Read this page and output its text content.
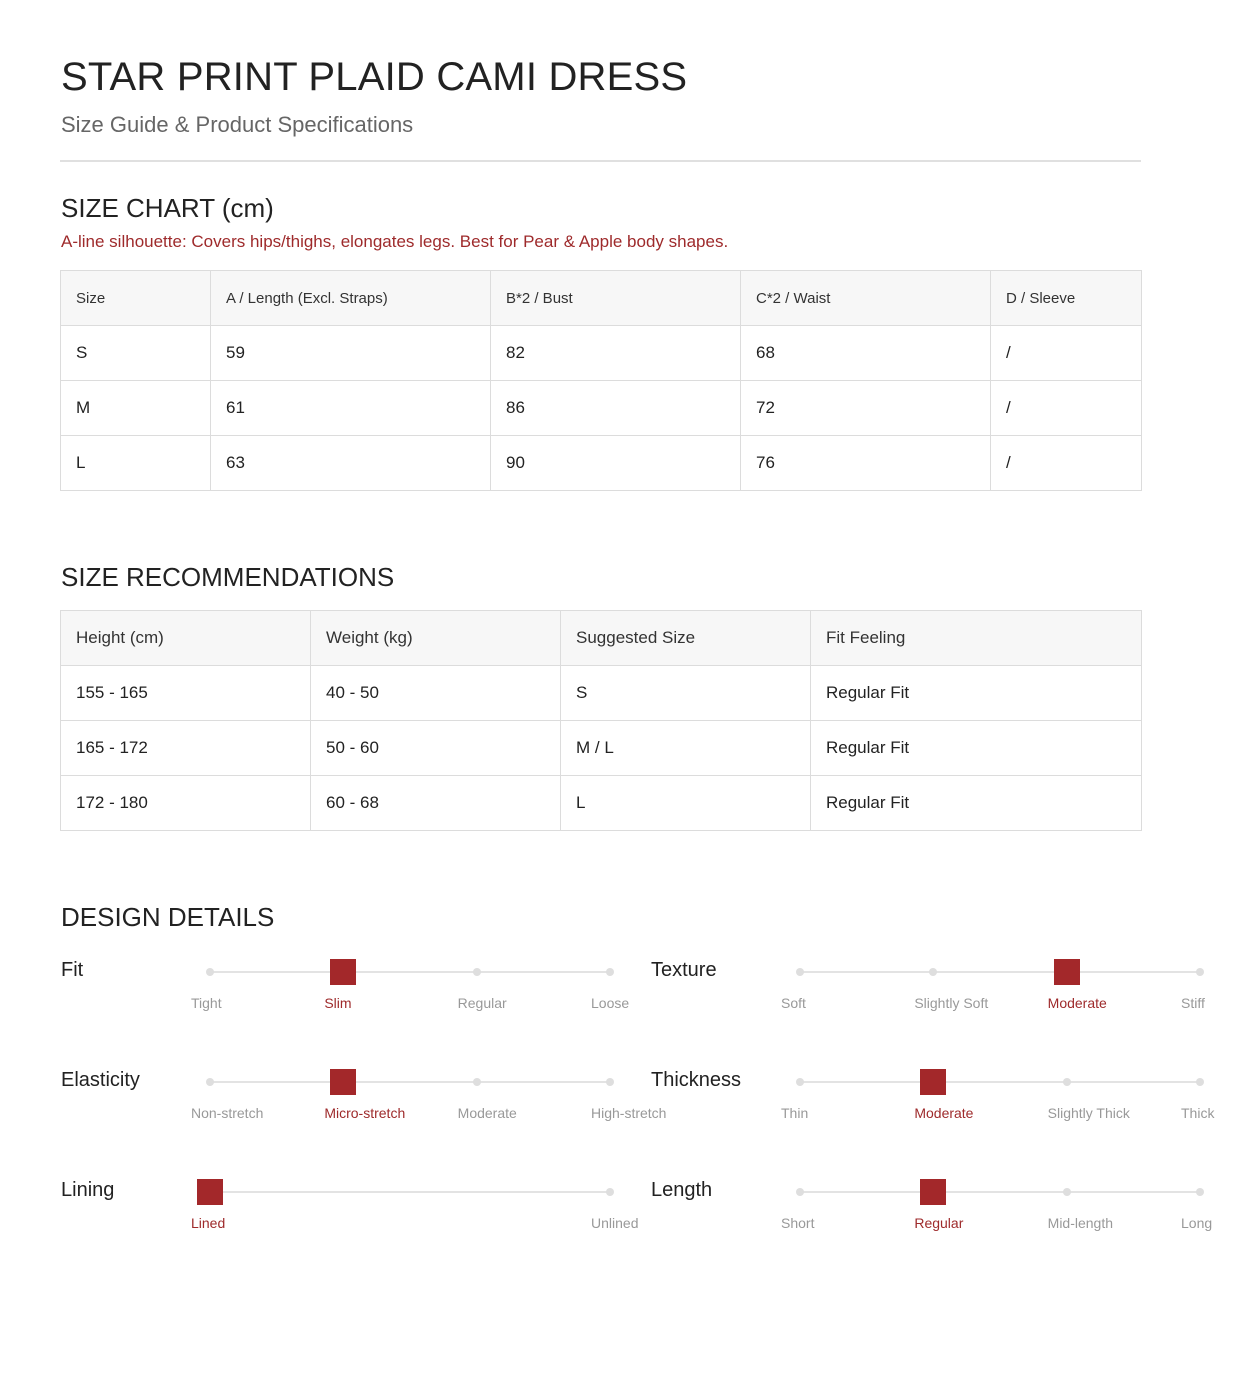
STAR PRINT PLAID CAMI DRESS
Size Guide & Product Specifications
SIZE CHART (cm)
A-line silhouette: Covers hips/thighs, elongates legs. Best for Pear & Apple body shapes.
Size	A / Length (Excl. Straps)	B*2 / Bust	C*2 / Waist	D / Sleeve
S	59	82	68	/
M	61	86	72	/
L	63	90	76	/
SIZE RECOMMENDATIONS
Height (cm)	Weight (kg)	Suggested Size	Fit Feeling
155 - 165	40 - 50	S	Regular Fit
165 - 172	50 - 60	M / L	Regular Fit
172 - 180	60 - 68	L	Regular Fit
DESIGN DETAILS
Fit
Tight	Slim	Regular	Loose
Texture
Soft	Slightly Soft	Moderate	Stiff
Elasticity
Non-stretch	Micro-stretch	Moderate	High-stretch
Thickness
Thin	Moderate	Slightly Thick	Thick
Lining
Lined	Unlined
Length
Short	Regular	Mid-length	Long
